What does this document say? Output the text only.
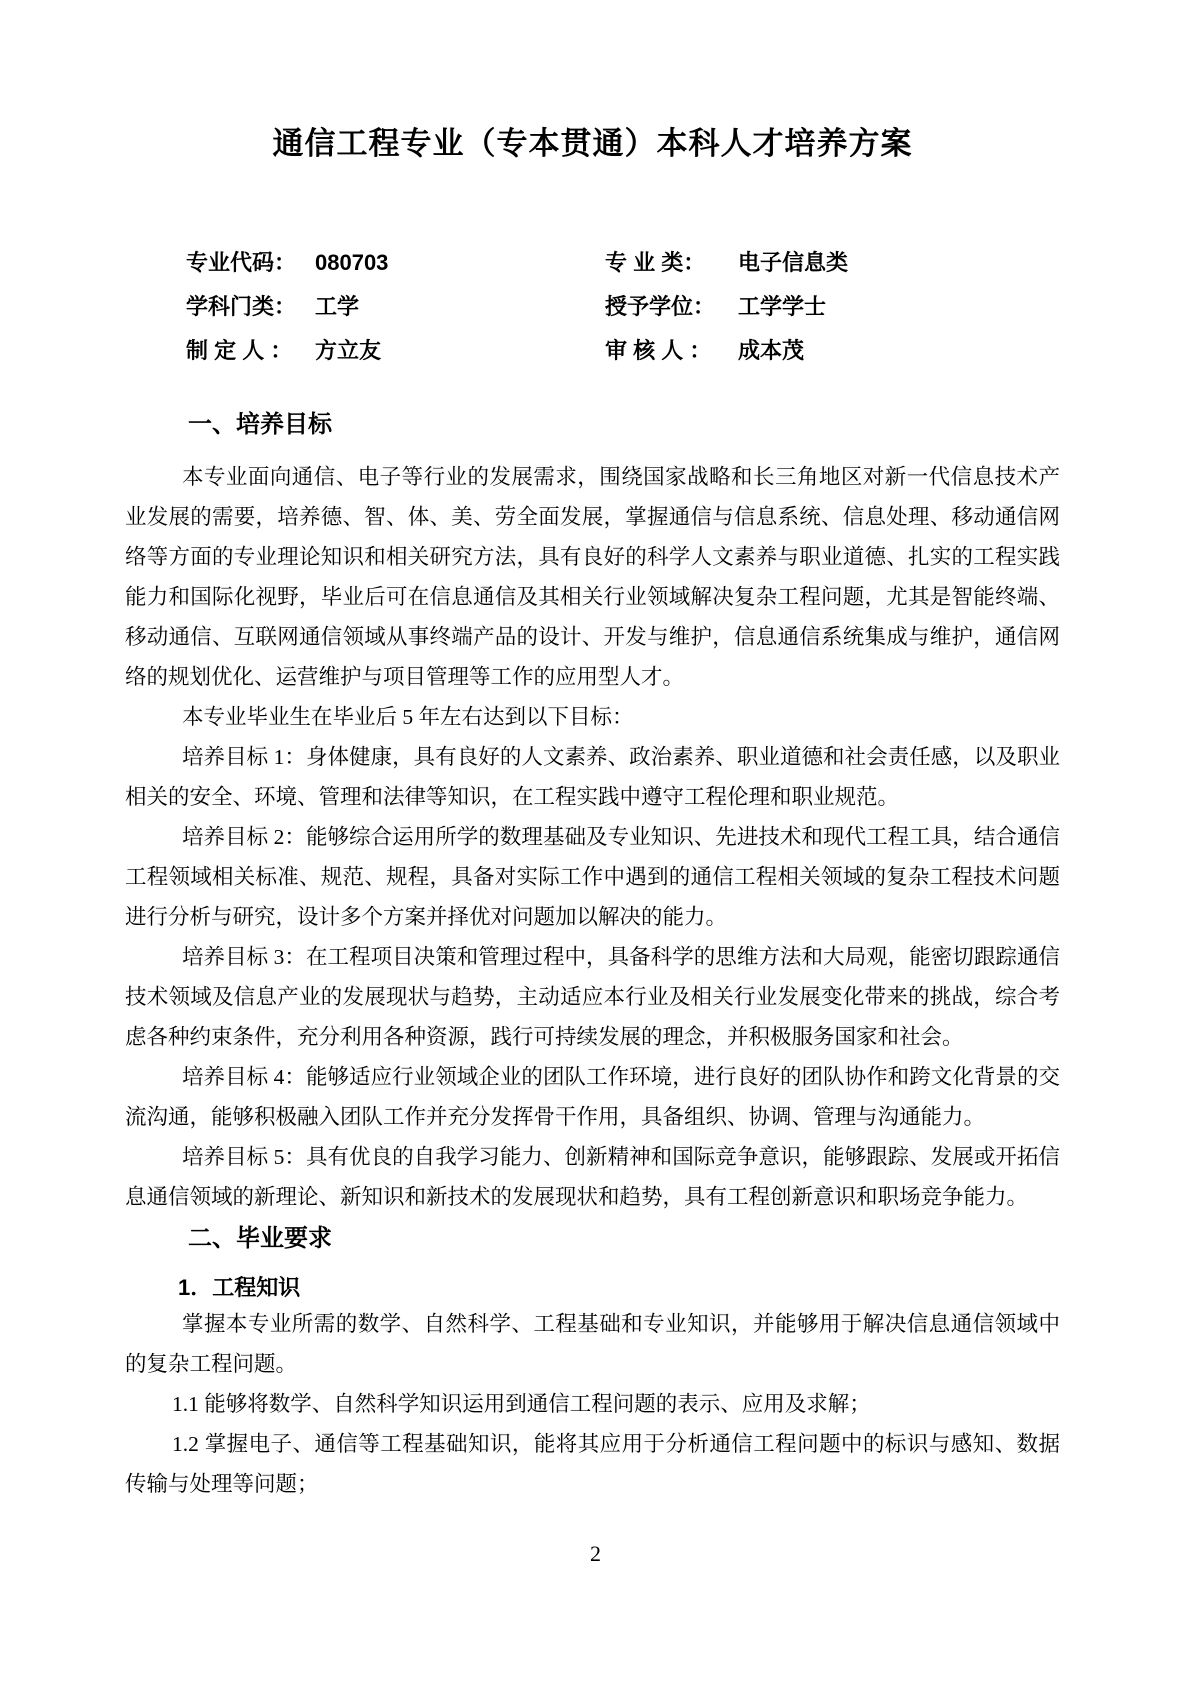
通信工程专业（专本贯通）本科人才培养方案
专业代码： 080703	专 业 类：	电子信息类
学科门类： 工学	授予学位：	工学学士
制 定 人 ：	方立友	审 核 人 ：	成本茂
一、培养目标

本专业面向通信、电子等行业的发展需求，围绕国家战略和长三角地区对新一代信息技术产业发展的需要，培养德、智、体、美、劳全面发展，掌握通信与信息系统、信息处理、移动通信网络等方面的专业理论知识和相关研究方法，具有良好的科学人文素养与职业道德、扎实的工程实践能力和国际化视野，毕业后可在信息通信及其相关行业领域解决复杂工程问题，尤其是智能终端、移动通信、互联网通信领域从事终端产品的设计、开发与维护，信息通信系统集成与维护，通信网络的规划优化、运营维护与项目管理等工作的应用型人才。

本专业毕业生在毕业后 5 年左右达到以下目标：

培养目标 1：身体健康，具有良好的人文素养、政治素养、职业道德和社会责任感，以及职业相关的安全、环境、管理和法律等知识，在工程实践中遵守工程伦理和职业规范。

培养目标 2：能够综合运用所学的数理基础及专业知识、先进技术和现代工程工具，结合通信工程领域相关标准、规范、规程，具备对实际工作中遇到的通信工程相关领域的复杂工程技术问题进行分析与研究，设计多个方案并择优对问题加以解决的能力。

培养目标 3：在工程项目决策和管理过程中，具备科学的思维方法和大局观，能密切跟踪通信技术领域及信息产业的发展现状与趋势，主动适应本行业及相关行业发展变化带来的挑战，综合考虑各种约束条件，充分利用各种资源，践行可持续发展的理念，并积极服务国家和社会。

培养目标 4：能够适应行业领域企业的团队工作环境，进行良好的团队协作和跨文化背景的交流沟通，能够积极融入团队工作并充分发挥骨干作用，具备组织、协调、管理与沟通能力。

培养目标 5：具有优良的自我学习能力、创新精神和国际竞争意识，能够跟踪、发展或开拓信息通信领域的新理论、新知识和新技术的发展现状和趋势，具有工程创新意识和职场竞争能力。

二、毕业要求
1．工程知识

掌握本专业所需的数学、自然科学、工程基础和专业知识，并能够用于解决信息通信领域中的复杂工程问题。

1.1 能够将数学、自然科学知识运用到通信工程问题的表示、应用及求解；

1.2 掌握电子、通信等工程基础知识，能将其应用于分析通信工程问题中的标识与感知、数据传输与处理等问题；

2
